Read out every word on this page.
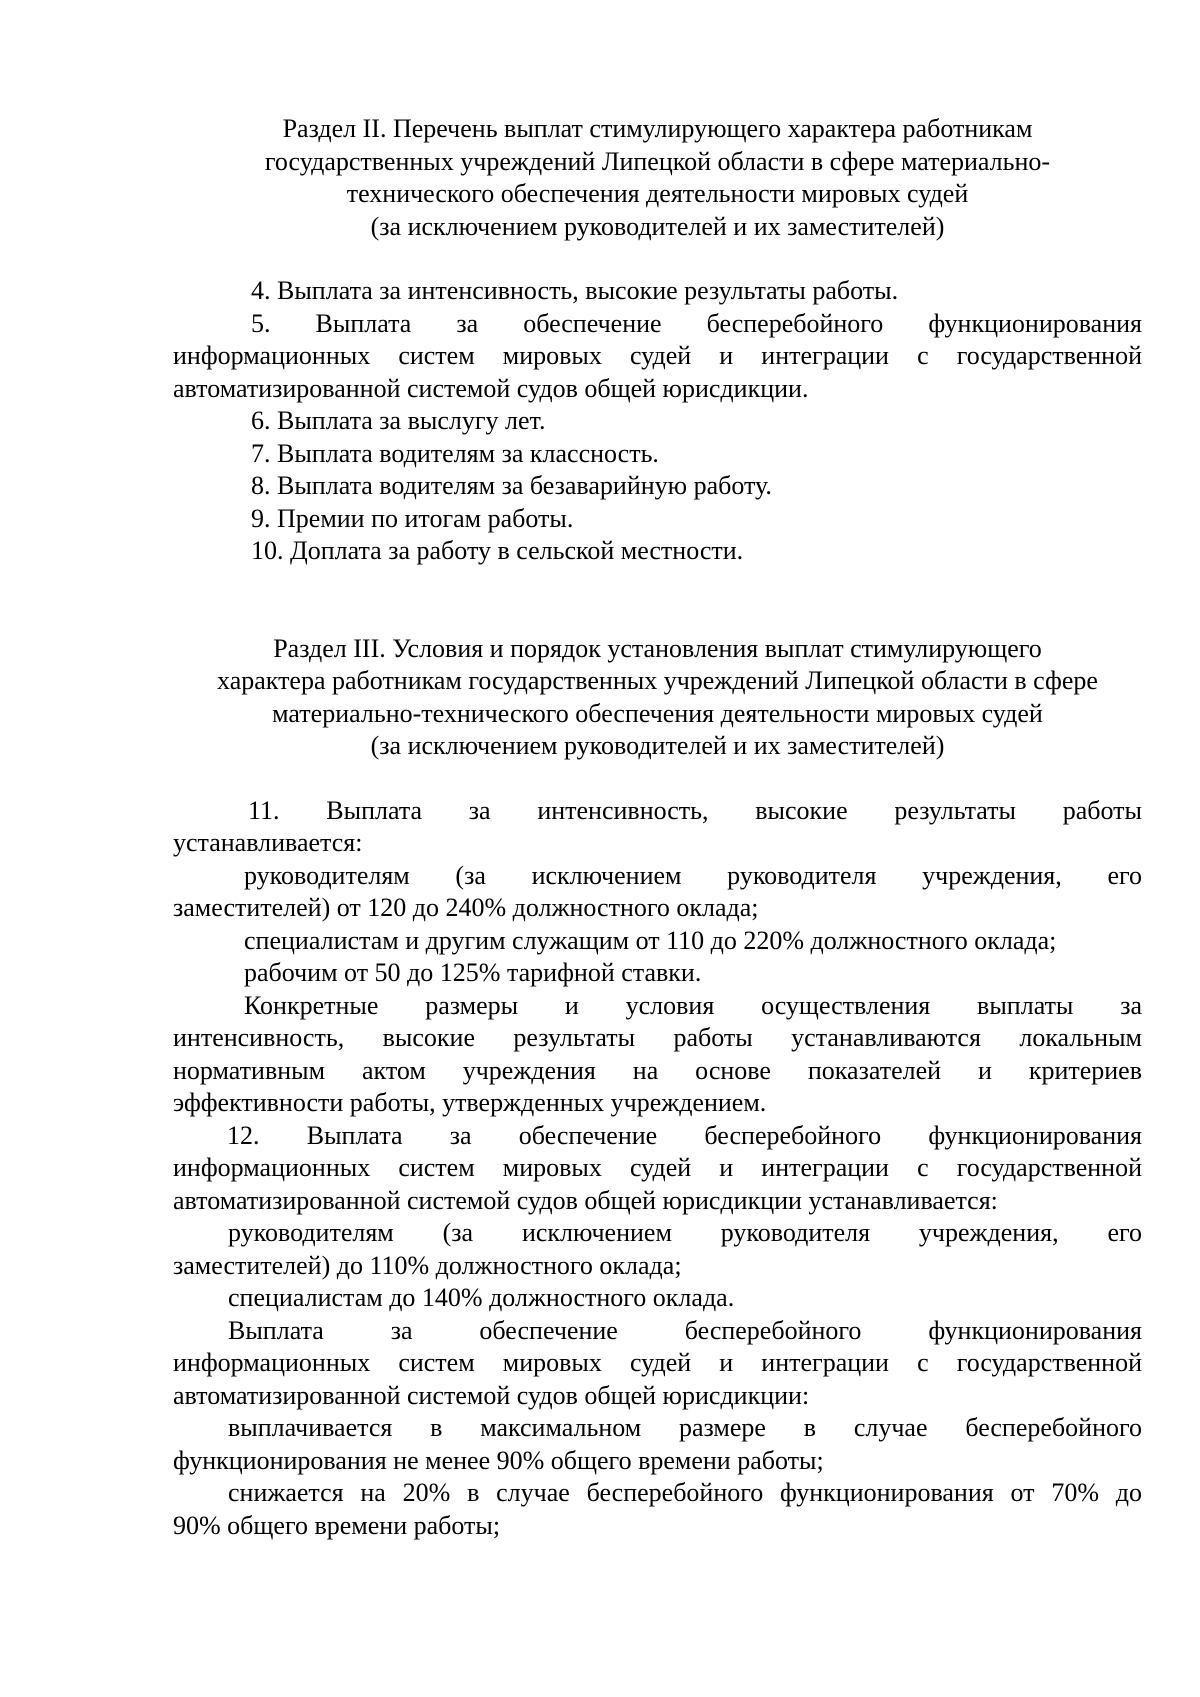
Раздел II. Перечень выплат стимулирующего характера работникам
государственных учреждений Липецкой области в сфере материально-
технического обеспечения деятельности мировых судей
(за исключением руководителей и их заместителей)
4. Выплата за интенсивность, высокие результаты работы.
5. Выплата за обеспечение бесперебойного функционирования
информационных систем мировых судей и интеграции с государственной
автоматизированной системой судов общей юрисдикции.
6. Выплата за выслугу лет.
7. Выплата водителям за классность.
8. Выплата водителям за безаварийную работу.
9. Премии по итогам работы.
10. Доплата за работу в сельской местности.
Раздел III. Условия и порядок установления выплат стимулирующего
характера работникам государственных учреждений Липецкой области в сфере
материально-технического обеспечения деятельности мировых судей
(за исключением руководителей и их заместителей)
11. Выплата за интенсивность, высокие результаты работы
устанавливается:
руководителям (за исключением руководителя учреждения, его
заместителей) от 120 до 240% должностного оклада;
специалистам и другим служащим от 110 до 220% должностного оклада;
рабочим от 50 до 125% тарифной ставки.
Конкретные размеры и условия осуществления выплаты за
интенсивность, высокие результаты работы устанавливаются локальным
нормативным актом учреждения на основе показателей и критериев
эффективности работы, утвержденных учреждением.
12. Выплата за обеспечение бесперебойного функционирования
информационных систем мировых судей и интеграции с государственной
автоматизированной системой судов общей юрисдикции устанавливается:
руководителям (за исключением руководителя учреждения, его
заместителей) до 110% должностного оклада;
специалистам до 140% должностного оклада.
Выплата за обеспечение бесперебойного функционирования
информационных систем мировых судей и интеграции с государственной
автоматизированной системой судов общей юрисдикции:
выплачивается в максимальном размере в случае бесперебойного
функционирования не менее 90% общего времени работы;
снижается на 20% в случае бесперебойного функционирования от 70% до
90% общего времени работы;
